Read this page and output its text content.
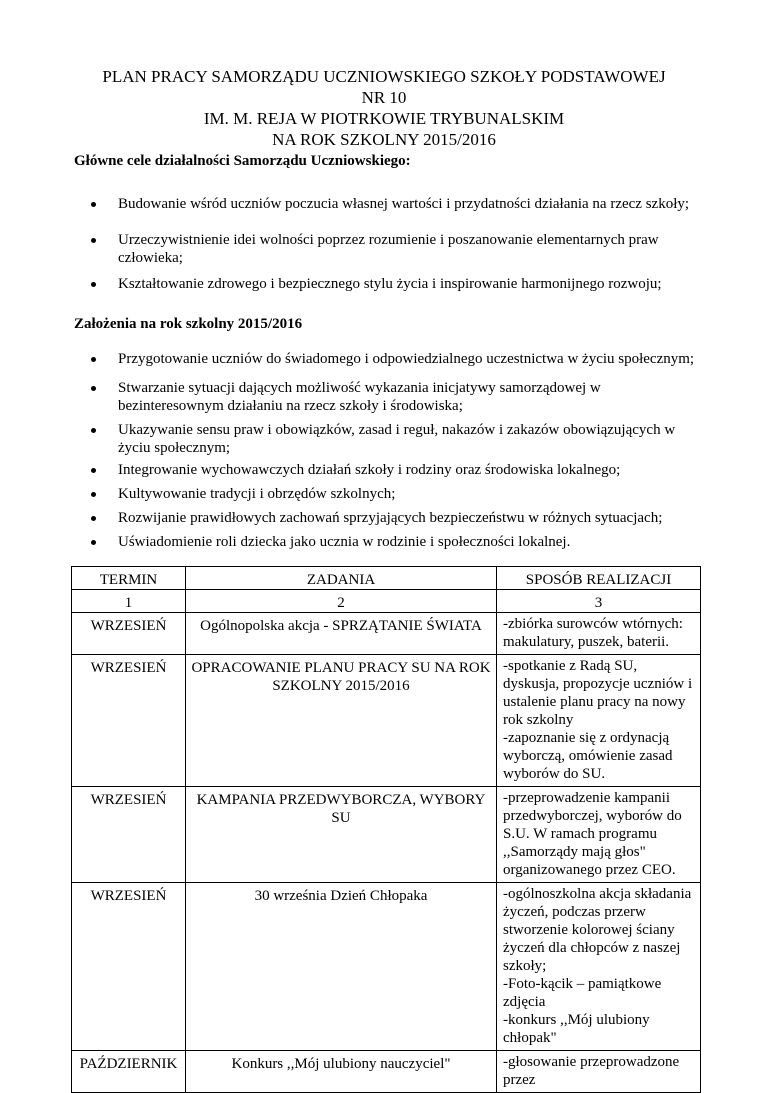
PLAN PRACY SAMORZĄDU UCZNIOWSKIEGO SZKOŁY PODSTAWOWEJ
NR 10
IM. M. REJA W PIOTRKOWIE TRYBUNALSKIM
NA ROK SZKOLNY 2015/2016
Główne cele działalności Samorządu Uczniowskiego:
Budowanie wśród uczniów poczucia własnej wartości i przydatności działania na rzecz szkoły;
Urzeczywistnienie idei wolności poprzez rozumienie i poszanowanie elementarnych praw człowieka;
Kształtowanie zdrowego i bezpiecznego stylu życia i inspirowanie harmonijnego rozwoju;
Założenia na rok szkolny 2015/2016
Przygotowanie uczniów do świadomego i odpowiedzialnego uczestnictwa w życiu społecznym;
Stwarzanie sytuacji dających możliwość wykazania inicjatywy samorządowej w bezinteresownym działaniu na rzecz szkoły i środowiska;
Ukazywanie sensu praw i obowiązków, zasad i reguł, nakazów i zakazów obowiązujących w życiu społecznym;
Integrowanie wychowawczych działań szkoły i rodziny oraz środowiska lokalnego;
Kultywowanie tradycji i obrzędów szkolnych;
Rozwijanie prawidłowych zachowań sprzyjających bezpieczeństwu w różnych sytuacjach;
Uświadomienie roli dziecka jako ucznia w rodzinie i społeczności lokalnej.
TERMIN	ZADANIA	SPOSÓB REALIZACJI
1	2	3
WRZESIEŃ	Ogólnopolska akcja - SPRZĄTANIE ŚWIATA	-zbiórka surowców wtórnych: makulatury, puszek, baterii.
WRZESIEŃ	OPRACOWANIE PLANU PRACY SU NA ROK SZKOLNY 2015/2016	-spotkanie z Radą SU, dyskusja, propozycje uczniów i ustalenie planu pracy na nowy rok szkolny
-zapoznanie się z ordynacją wyborczą, omówienie zasad wyborów do SU.
WRZESIEŃ	KAMPANIA PRZEDWYBORCZA, WYBORY SU	-przeprowadzenie kampanii przedwyborczej, wyborów do S.U. W ramach programu ,,Samorządy mają głos" organizowanego przez CEO.
WRZESIEŃ	30 września Dzień Chłopaka	-ogólnoszkolna akcja składania życzeń, podczas przerw stworzenie kolorowej ściany życzeń dla chłopców z naszej szkoły;
-Foto-kącik – pamiątkowe zdjęcia
-konkurs ,,Mój ulubiony chłopak"
PAŹDZIERNIK	Konkurs ,,Mój ulubiony nauczyciel"	-głosowanie przeprowadzone przez
